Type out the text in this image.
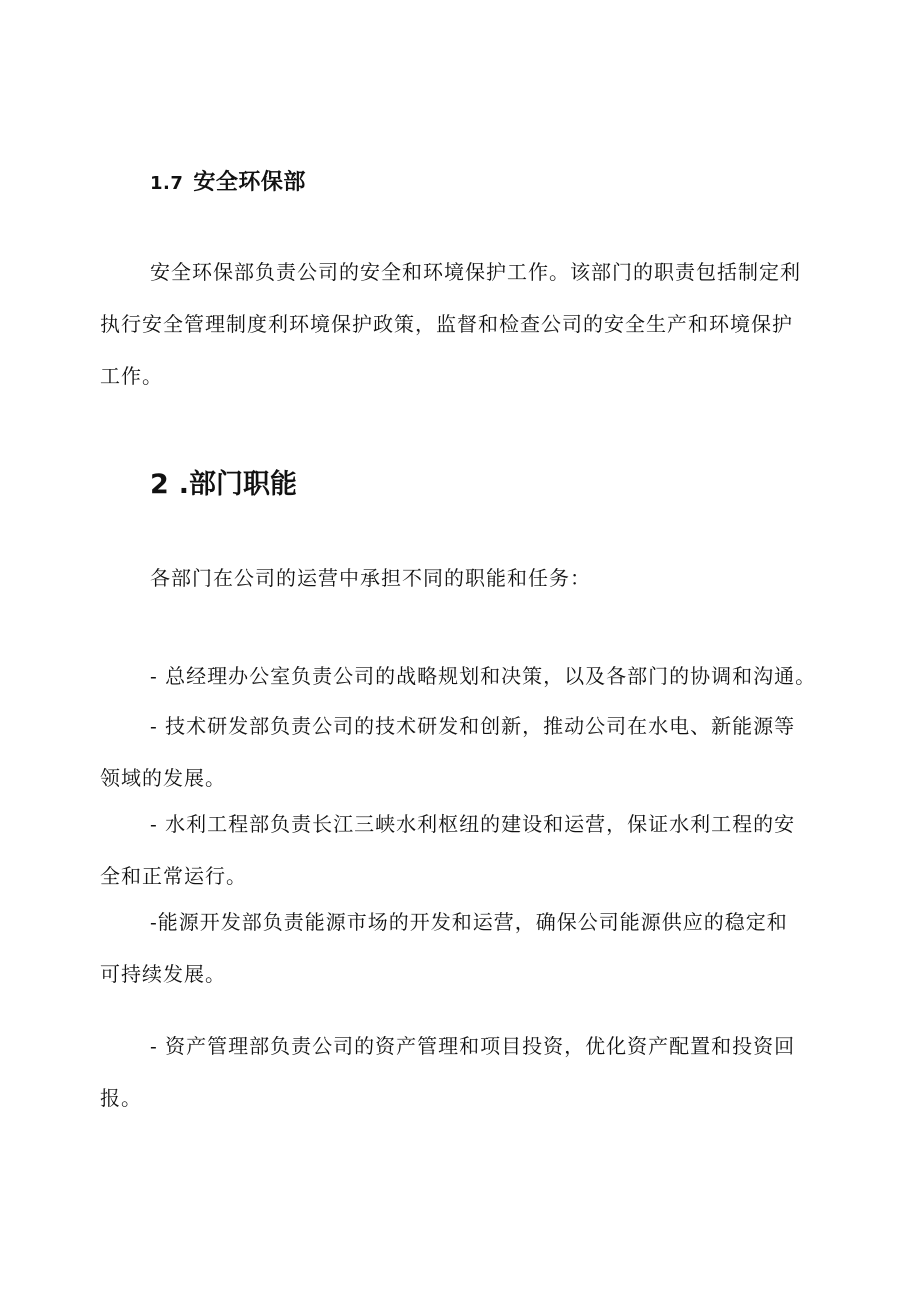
1.7 安全环保部
安全环保部负责公司的安全和环境保护工作。该部门的职责包括制定利
执行安全管理制度利环境保护政策，监督和检查公司的安全生产和环境保护
工作。
2 .部门职能
各部门在公司的运营中承担不同的职能和任务：
- 总经理办公室负责公司的战略规划和决策，以及各部门的协调和沟通。
- 技术研发部负责公司的技术研发和创新，推动公司在水电、新能源等
领域的发展。
- 水利工程部负责长江三峡水利枢纽的建设和运营，保证水利工程的安
全和正常运行。
-能源开发部负责能源市场的开发和运营，确保公司能源供应的稳定和
可持续发展。
- 资产管理部负责公司的资产管理和项目投资，优化资产配置和投资回
报。
